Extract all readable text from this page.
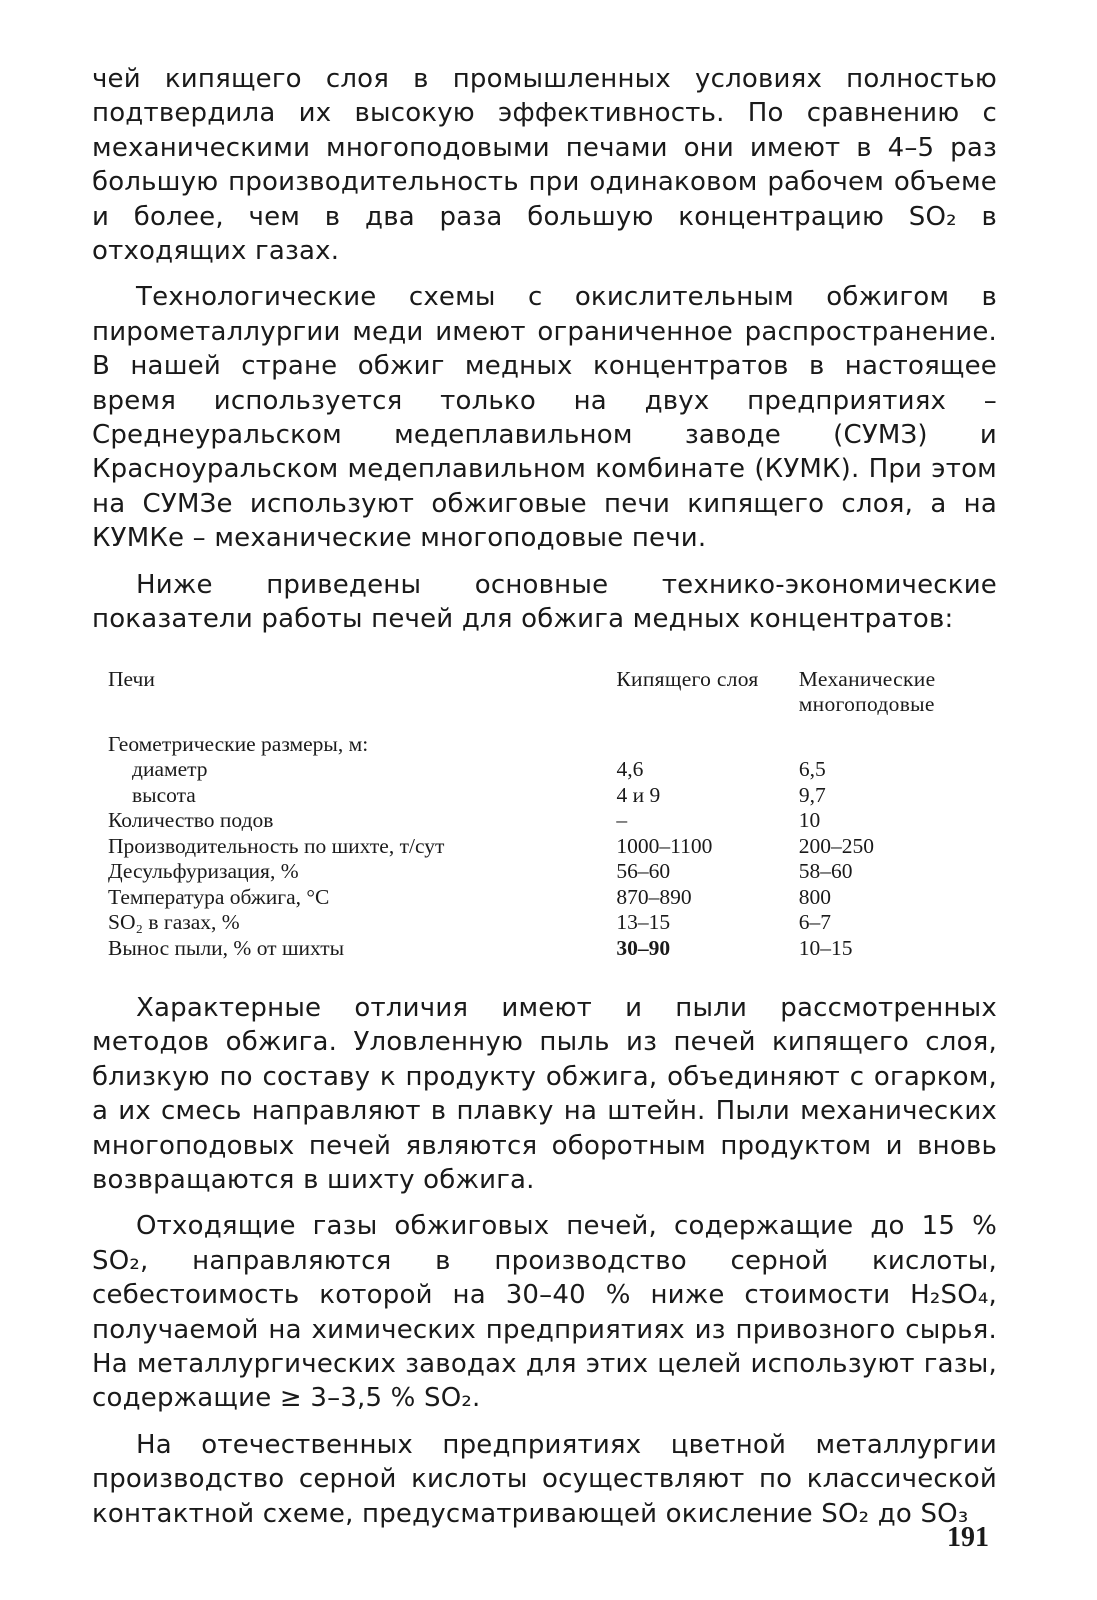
чей кипящего слоя в промышленных условиях полностью подтвердила их высокую эффективность. По сравнению с механическими многоподовыми печами они имеют в 4–5 раз большую производительность при одинаковом рабочем объеме и более, чем в два раза большую концентрацию SO₂ в отходящих газах.

Технологические схемы с окислительным обжигом в пирометаллургии меди имеют ограниченное распространение. В нашей стране обжиг медных концентратов в настоящее время используется только на двух предприятиях – Среднеуральском медеплавильном заводе (СУМЗ) и Красноуральском медеплавильном комбинате (КУМК). При этом на СУМЗе используют обжиговые печи кипящего слоя, а на КУМКе – механические многоподовые печи.

Ниже приведены основные технико-экономические показатели работы печей для обжига медных концентратов:

Печи	Кипящего слоя	Механические
многоподовые
Геометрические размеры, м:
диаметр	4,6	6,5
высота	4 и 9	9,7
Количество подов	–	10
Производительность по шихте, т/сут	1000–1100	200–250
Десульфуризация, %	56–60	58–60
Температура обжига, °С	870–890	800
SO₂ в газах, %	13–15	6–7
Вынос пыли, % от шихты	30–90	10–15

Характерные отличия имеют и пыли рассмотренных методов обжига. Уловленную пыль из печей кипящего слоя, близкую по составу к продукту обжига, объединяют с огарком, а их смесь направляют в плавку на штейн. Пыли механических многоподовых печей являются оборотным продуктом и вновь возвращаются в шихту обжига.

Отходящие газы обжиговых печей, содержащие до 15 % SO₂, направляются в производство серной кислоты, себестоимость которой на 30–40 % ниже стоимости H₂SO₄, получаемой на химических предприятиях из привозного сырья. На металлургических заводах для этих целей используют газы, содержащие ≥ 3–3,5 % SO₂.

На отечественных предприятиях цветной металлургии производство серной кислоты осуществляют по классической контактной схеме, предусматривающей окисление SO₂ до SO₃

191
